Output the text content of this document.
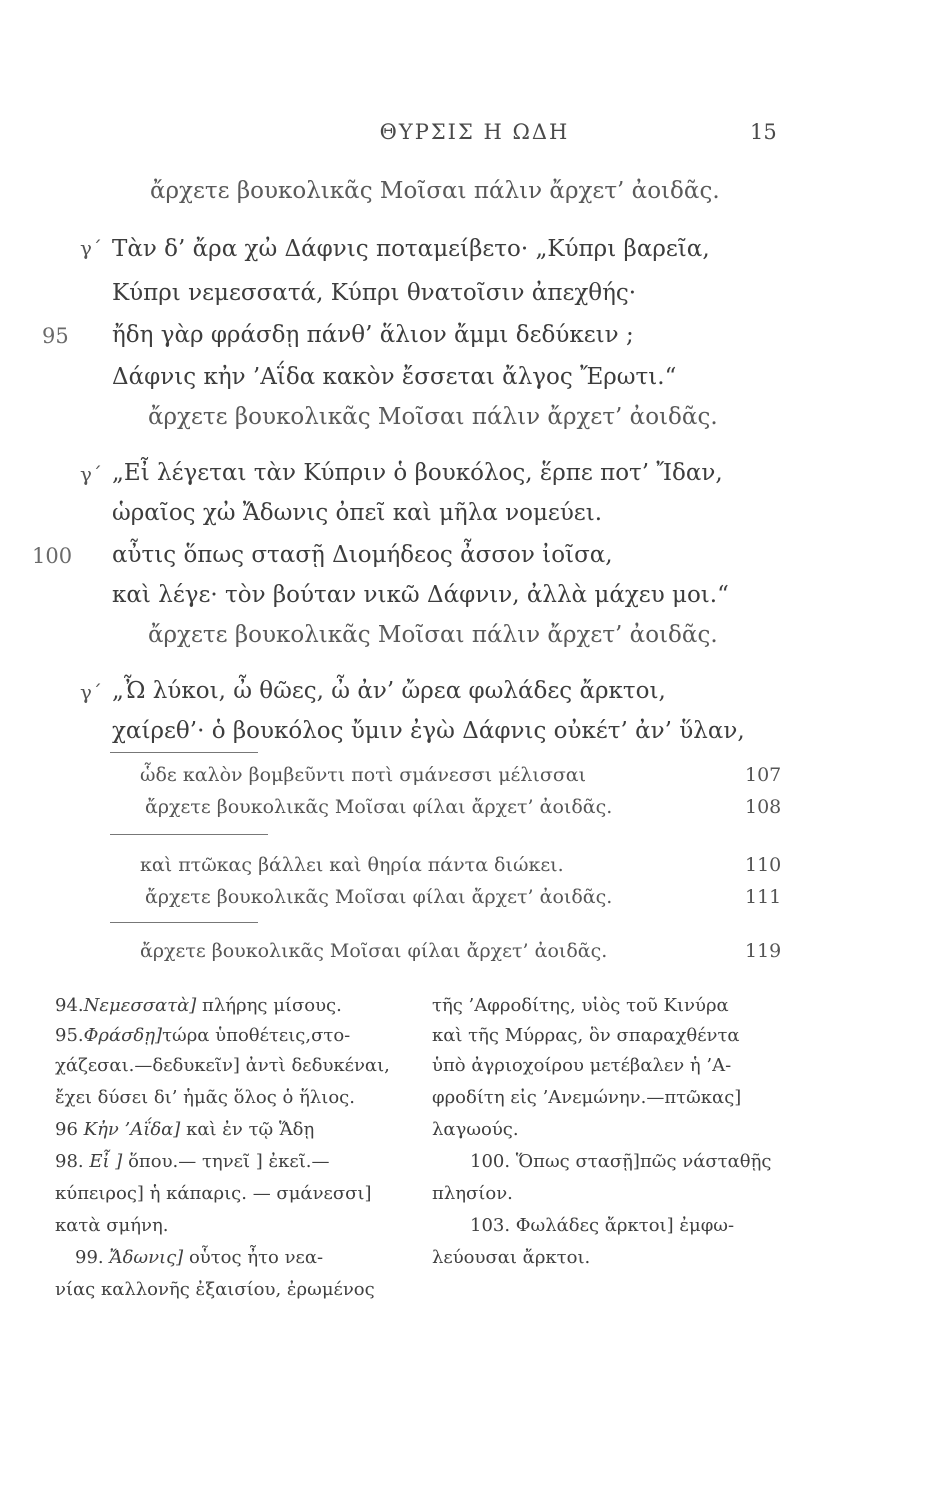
ΘΥΡΣΙΣ Η ΩΔΗ	15
ἄρχετε βουκολικᾶς Μοῖσαι πάλιν ἄρχετ’ ἀοιδᾶς.
γ´ Τὰν δ’ ἄρα χὠ Δάφνις ποταμείβετο· „Κύπρι βαρεῖα,
Κύπρι νεμεσσατά, Κύπρι θνατοῖσιν ἀπεχθής·
95 ἤδη γὰρ φράσδῃ πάνθ’ ἅλιον ἄμμι δεδύκειν ;
Δάφνις κἠν ’Αΐδα κακὸν ἔσσεται ἄλγος Ἔρωτι.“
ἄρχετε βουκολικᾶς Μοῖσαι πάλιν ἄρχετ’ ἀοιδᾶς.
γ´ „Εἶ λέγεται τὰν Κύπριν ὁ βουκόλος, ἕρπε ποτ’ Ἴδαν,
ὡραῖος χὠ Ἄδωνις ὀπεῖ καὶ μῆλα νομεύει.
100 αὖτις ὅπως στασῇ Διομήδεος ἆσσον ἰοῖσα,
καὶ λέγε· τὸν βούταν νικῶ Δάφνιν, ἀλλὰ μάχευ μοι.“
ἄρχετε βουκολικᾶς Μοῖσαι πάλιν ἄρχετ’ ἀοιδᾶς.
γ´ „Ὦ λύκοι, ὦ θῶες, ὦ ἀν’ ὤρεα φωλάδες ἄρκτοι,
χαίρεθ’· ὁ βουκόλος ὔμιν ἐγὼ Δάφνις οὐκέτ’ ἀν’ ὕλαν,
ὧδε καλὸν βομβεῦντι ποτὶ σμάνεσσι μέλισσαι	107
ἄρχετε βουκολικᾶς Μοῖσαι φίλαι ἄρχετ’ ἀοιδᾶς.	108
καὶ πτῶκας βάλλει καὶ θηρία πάντα διώκει.	110
ἄρχετε βουκολικᾶς Μοῖσαι φίλαι ἄρχετ’ ἀοιδᾶς.	111
ἄρχετε βουκολικᾶς Μοῖσαι φίλαι ἄρχετ’ ἀοιδᾶς.	119
94.Νεμεσσατὰ] πλήρης μίσους.
95.Φράσδῃ]τώρα ὑποθέτεις,στο-
χάζεσαι.—δεδυκεῖν] ἀντὶ δεδυκέναι,
ἔχει δύσει δι’ ἡμᾶς ὅλος ὁ ἥλιος.
96 Κἠν ’Αΐδα] καὶ ἐν τῷ Ἅδῃ
98. Εἶ ] ὅπου.— τηνεῖ ] ἐκεῖ.—
κύπειρος] ἡ κάπαρις. — σμάνεσσι]
κατὰ σμήνη.
99. Ἄδωνις] οὗτος ἦτο νεα-
νίας καλλονῆς ἐξαισίου, ἐρωμένος
τῆς ’Αφροδίτης, υἱὸς τοῦ Κινύρα
καὶ τῆς Μύρρας, ὃν σπαραχθέντα
ὑπὸ ἀγριοχοίρου μετέβαλεν ἡ ’Α-
φροδίτη εἰς ’Ανεμώνην.—πτῶκας]
λαγωούς.
100. Ὅπως στασῇ]πῶς νάσταθῇς
πλησίον.
103. Φωλάδες ἄρκτοι] ἐμφω-
λεύουσαι ἄρκτοι.
